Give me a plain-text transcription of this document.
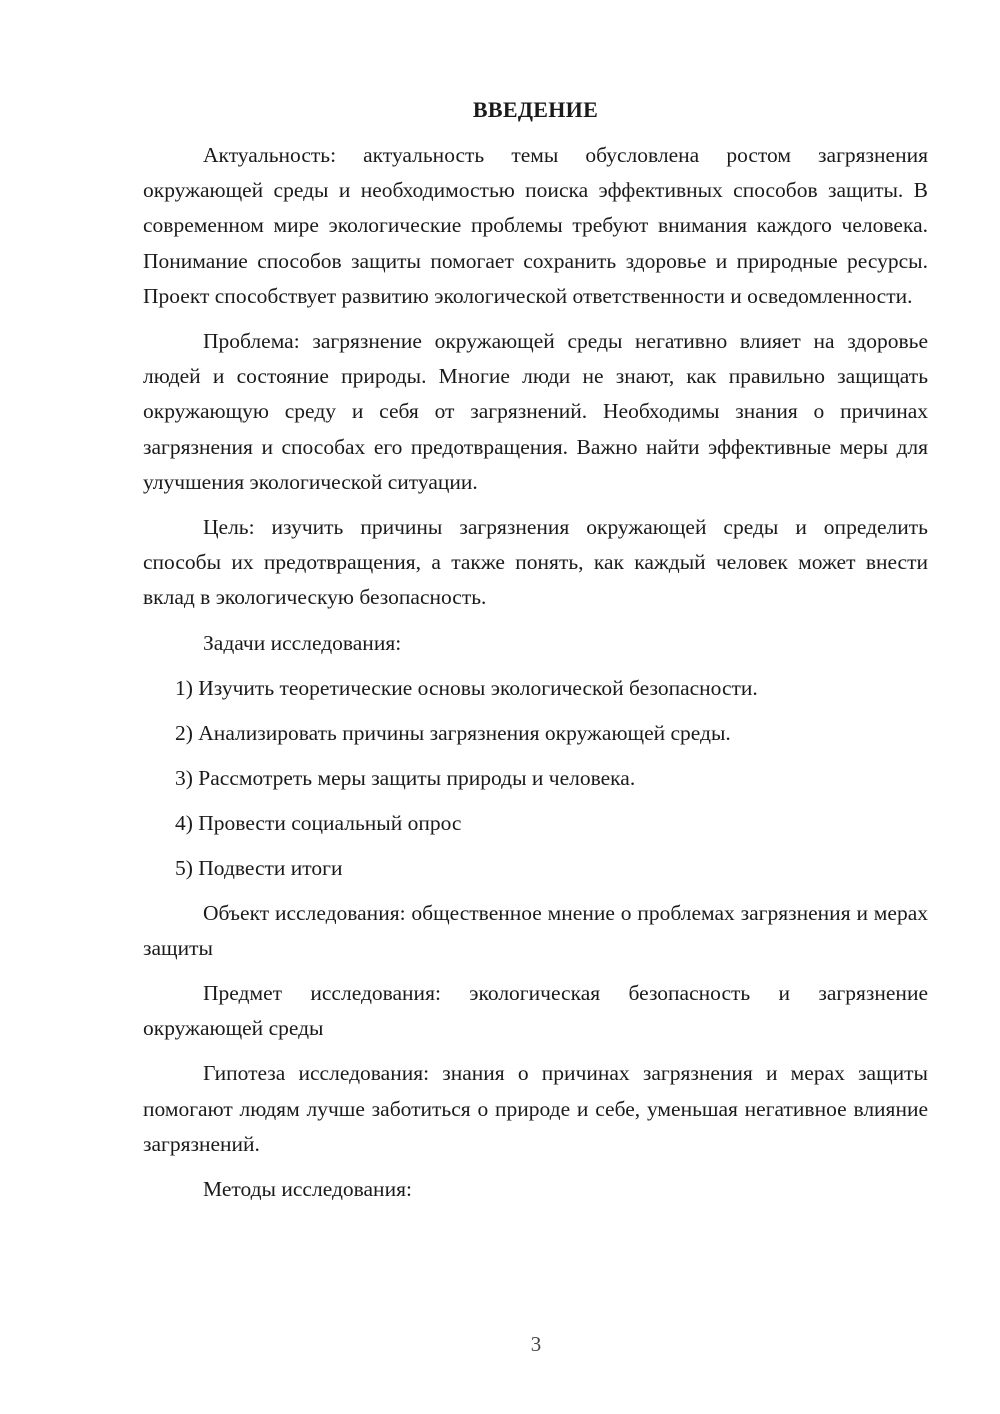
ВВЕДЕНИЕ

Актуальность: актуальность темы обусловлена ростом загрязнения окружающей среды и необходимостью поиска эффективных способов защиты. В современном мире экологические проблемы требуют внимания каждого человека. Понимание способов защиты помогает сохранить здоровье и природные ресурсы. Проект способствует развитию экологической ответственности и осведомленности.

Проблема: загрязнение окружающей среды негативно влияет на здоровье людей и состояние природы. Многие люди не знают, как правильно защищать окружающую среду и себя от загрязнений. Необходимы знания о причинах загрязнения и способах его предотвращения. Важно найти эффективные меры для улучшения экологической ситуации.

Цель: изучить причины загрязнения окружающей среды и определить способы их предотвращения, а также понять, как каждый человек может внести вклад в экологическую безопасность.

Задачи исследования:

1) Изучить теоретические основы экологической безопасности.

2) Анализировать причины загрязнения окружающей среды.

3) Рассмотреть меры защиты природы и человека.

4) Провести социальный опрос

5) Подвести итоги

Объект исследования: общественное мнение о проблемах загрязнения и мерах защиты

Предмет исследования: экологическая безопасность и загрязнение окружающей среды

Гипотеза исследования: знания о причинах загрязнения и мерах защиты помогают людям лучше заботиться о природе и себе, уменьшая негативное влияние загрязнений.

Методы исследования:

3
